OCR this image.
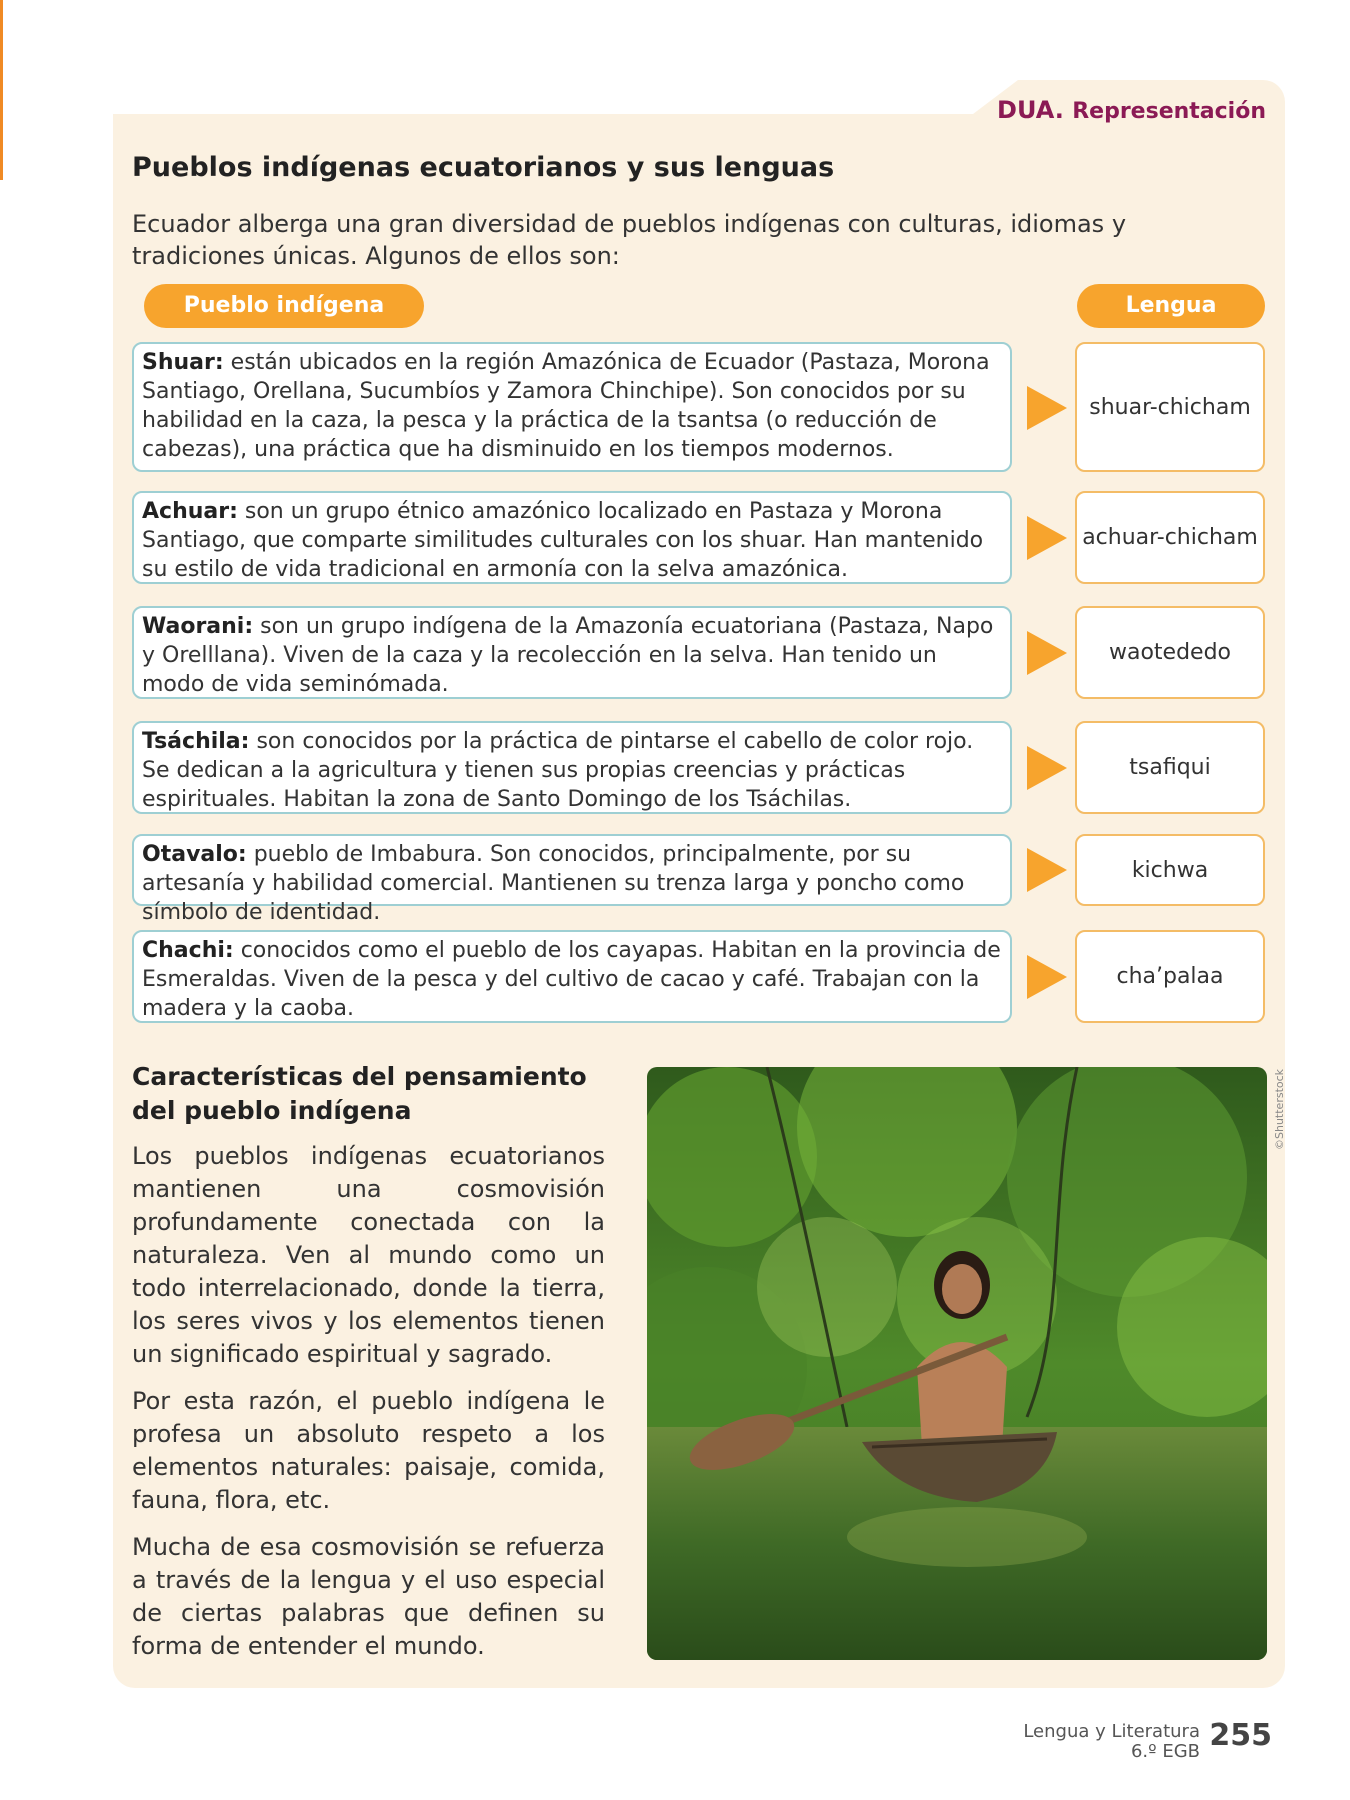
DUA. Representación
Pueblos indígenas ecuatorianos y sus lenguas
Ecuador alberga una gran diversidad de pueblos indígenas con culturas, idiomas y tradiciones únicas. Algunos de ellos son:
Pueblo indígena	Lengua
Shuar: están ubicados en la región Amazónica de Ecuador (Pastaza, Morona Santiago, Orellana, Sucumbíos y Zamora Chinchipe). Son conocidos por su habilidad en la caza, la pesca y la práctica de la tsantsa (o reducción de cabezas), una práctica que ha disminuido en los tiempos modernos.
shuar-chicham
Achuar: son un grupo étnico amazónico localizado en Pastaza y Morona Santiago, que comparte similitudes culturales con los shuar. Han mantenido su estilo de vida tradicional en armonía con la selva amazónica.
achuar-chicham
Waorani: son un grupo indígena de la Amazonía ecuatoriana (Pastaza, Napo y Orelllana). Viven de la caza y la recolección en la selva. Han tenido un modo de vida seminómada.
waotededo
Tsáchila: son conocidos por la práctica de pintarse el cabello de color rojo. Se dedican a la agricultura y tienen sus propias creencias y prácticas espirituales. Habitan la zona de Santo Domingo de los Tsáchilas.
tsafiqui
Otavalo: pueblo de Imbabura. Son conocidos, principalmente, por su artesanía y habilidad comercial. Mantienen su trenza larga y poncho como símbolo de identidad.
kichwa
Chachi: conocidos como el pueblo de los cayapas. Habitan en la provincia de Esmeraldas. Viven de la pesca y del cultivo de cacao y café. Trabajan con la madera y la caoba.
cha’palaa
Características del pensamiento del pueblo indígena

Los pueblos indígenas ecuatorianos mantienen una cosmovisión profundamente conectada con la naturaleza. Ven al mundo como un todo interrelacionado, donde la tierra, los seres vivos y los elementos tienen un significado espiritual y sagrado.

Por esta razón, el pueblo indígena le profesa un absoluto respeto a los elementos naturales: paisaje, comida, fauna, flora, etc.

Mucha de esa cosmovisión se refuerza a través de la lengua y el uso especial de ciertas palabras que definen su forma de entender el mundo.

©Shutterstock
Lengua y Literatura
6.º EGB 255
